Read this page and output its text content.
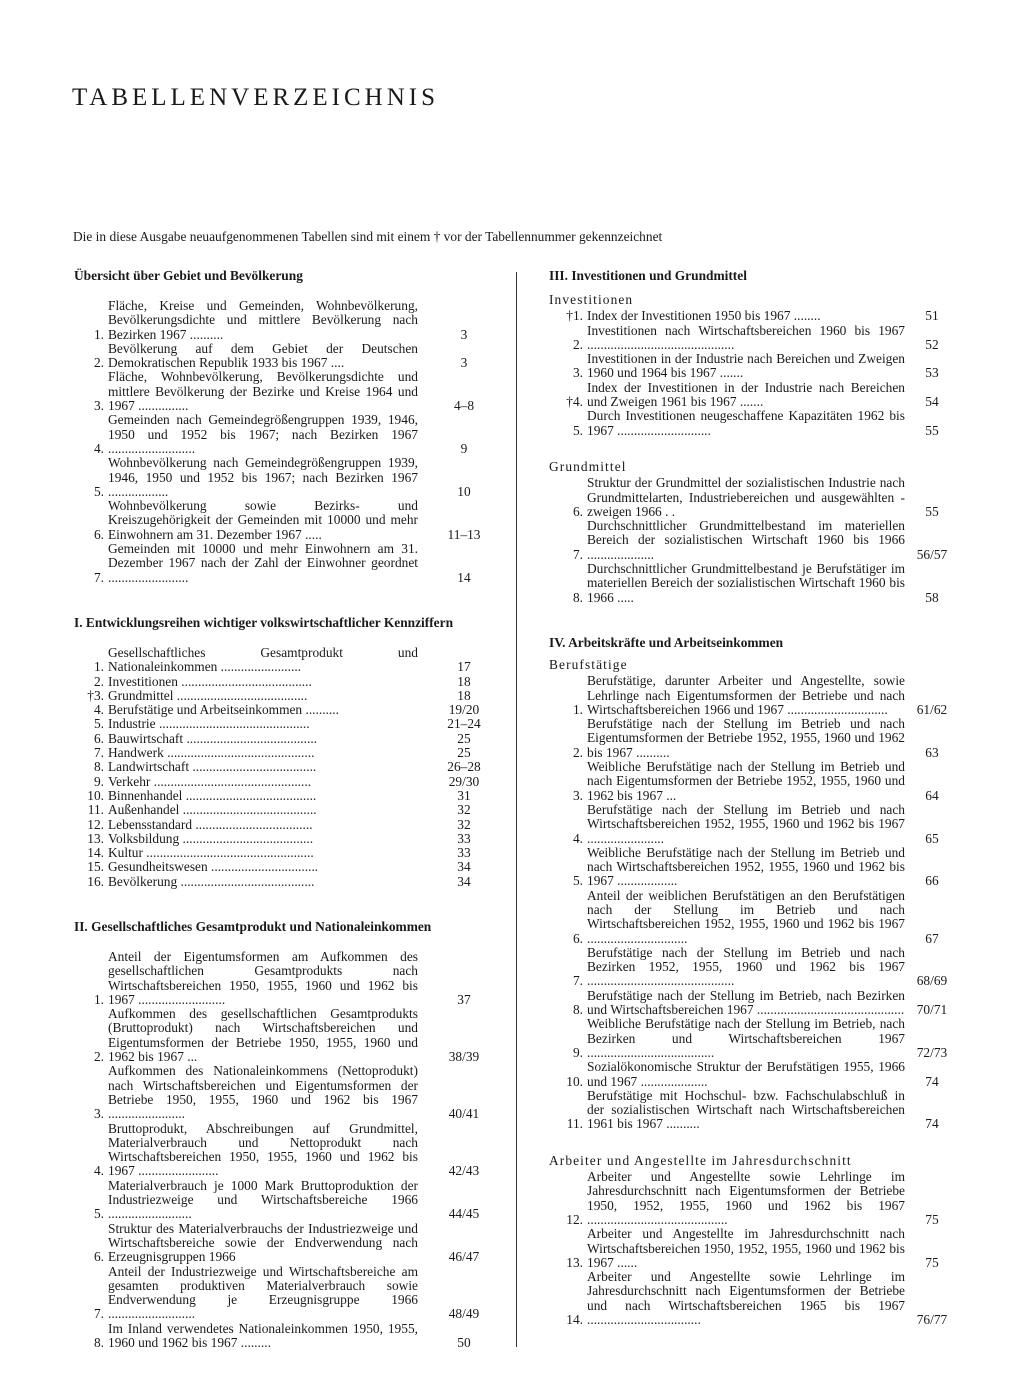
TABELLENVERZEICHNIS
Die in diese Ausgabe neuaufgenommenen Tabellen sind mit einem † vor der Tabellennummer gekennzeichnet
Übersicht über Gebiet und Bevölkerung
1.
Fläche, Kreise und Gemeinden, Wohnbevölkerung, Bevölkerungsdichte und mittlere Bevölkerung nach Bezirken 1967 ..........	3
2.
Bevölkerung auf dem Gebiet der Deutschen Demokratischen Republik 1933 bis 1967 ....	3
3.
Fläche, Wohnbevölkerung, Bevölkerungsdichte und mittlere Bevölkerung der Bezirke und Kreise 1964 und 1967 ...............	4–8
4.
Gemeinden nach Gemeindegrößengruppen 1939, 1946, 1950 und 1952 bis 1967; nach Bezirken 1967 ..........................	9
5.
Wohnbevölkerung nach Gemeindegrößengruppen 1939, 1946, 1950 und 1952 bis 1967; nach Bezirken 1967 ..................	10
6.
Wohnbevölkerung sowie Bezirks- und Kreiszugehörigkeit der Gemeinden mit 10000 und mehr Einwohnern am 31. Dezember 1967 .....	11–13
7.
Gemeinden mit 10000 und mehr Einwohnern am 31. Dezember 1967 nach der Zahl der Einwohner geordnet ........................	14
I. Entwicklungsreihen wichtiger volkswirtschaftlicher Kennziffern
1.
Gesellschaftliches Gesamtprodukt und Nationaleinkommen ........................	17
2. Investitionen .......................................	18
†3. Grundmittel .......................................	18
4. Berufstätige und Arbeitseinkommen ..........	19/20
5. Industrie .............................................	21–24
6. Bauwirtschaft .......................................	25
7. Handwerk ............................................	25
8. Landwirtschaft .....................................	26–28
9. Verkehr ...............................................	29/30
10. Binnenhandel .......................................	31
11. Außenhandel ........................................	32
12. Lebensstandard ...................................	32
13. Volksbildung .......................................	33
14. Kultur ..................................................	33
15. Gesundheitswesen ................................	34
16. Bevölkerung ........................................	34
II. Gesellschaftliches Gesamtprodukt und Nationaleinkommen
1.
Anteil der Eigentumsformen am Aufkommen des gesellschaftlichen Gesamtprodukts nach Wirtschaftsbereichen 1950, 1955, 1960 und 1962 bis 1967 ..........................	37
2.
Aufkommen des gesellschaftlichen Gesamtprodukts (Bruttoprodukt) nach Wirtschaftsbereichen und Eigentumsformen der Betriebe 1950, 1955, 1960 und 1962 bis 1967 ...	38/39
3.
Aufkommen des Nationaleinkommens (Nettoprodukt) nach Wirtschaftsbereichen und Eigentumsformen der Betriebe 1950, 1955, 1960 und 1962 bis 1967 .......................	40/41
4.
Bruttoprodukt, Abschreibungen auf Grundmittel, Materialverbrauch und Nettoprodukt nach Wirtschaftsbereichen 1950, 1955, 1960 und 1962 bis 1967 ........................	42/43
5.
Materialverbrauch je 1000 Mark Bruttoproduktion der Industriezweige und Wirtschaftsbereiche 1966 .........................	44/45
6.
Struktur des Materialverbrauchs der Industriezweige und Wirtschaftsbereiche sowie der Endverwendung nach Erzeugnisgruppen 1966	46/47
7.
Anteil der Industriezweige und Wirtschaftsbereiche am gesamten produktiven Materialverbrauch sowie Endverwendung je Erzeugnisgruppe 1966 ..........................	48/49
8.
Im Inland verwendetes Nationaleinkommen 1950, 1955, 1960 und 1962 bis 1967 .........	50
III. Investitionen und Grundmittel
Investitionen
†1. Index der Investitionen 1950 bis 1967 ........	51
2.
Investitionen nach Wirtschaftsbereichen 1960 bis 1967 ............................................	52
3.
Investitionen in der Industrie nach Bereichen und Zweigen 1960 und 1964 bis 1967 .......	53
†4.
Index der Investitionen in der Industrie nach Bereichen und Zweigen 1961 bis 1967 .......	54
5.
Durch Investitionen neugeschaffene Kapazitäten 1962 bis 1967 ............................	55
Grundmittel
6.
Struktur der Grundmittel der sozialistischen Industrie nach Grundmittelarten, Industriebereichen und ausgewählten -zweigen 1966 . .	55
7.
Durchschnittlicher Grundmittelbestand im materiellen Bereich der sozialistischen Wirtschaft 1960 bis 1966 ....................	56/57
8.
Durchschnittlicher Grundmittelbestand je Berufstätiger im materiellen Bereich der sozialistischen Wirtschaft 1960 bis 1966 .....	58
IV. Arbeitskräfte und Arbeitseinkommen
Berufstätige
1.
Berufstätige, darunter Arbeiter und Angestellte, sowie Lehrlinge nach Eigentumsformen der Betriebe und nach Wirtschaftsbereichen 1966 und 1967 ..............................	61/62
2.
Berufstätige nach der Stellung im Betrieb und nach Eigentumsformen der Betriebe 1952, 1955, 1960 und 1962 bis 1967 ..........	63
3.
Weibliche Berufstätige nach der Stellung im Betrieb und nach Eigentumsformen der Betriebe 1952, 1955, 1960 und 1962 bis 1967 ...	64
4.
Berufstätige nach der Stellung im Betrieb und nach Wirtschaftsbereichen 1952, 1955, 1960 und 1962 bis 1967 .......................	65
5.
Weibliche Berufstätige nach der Stellung im Betrieb und nach Wirtschaftsbereichen 1952, 1955, 1960 und 1962 bis 1967 ..................	66
6.
Anteil der weiblichen Berufstätigen an den Berufstätigen nach der Stellung im Betrieb und nach Wirtschaftsbereichen 1952, 1955, 1960 und 1962 bis 1967 ..............................	67
7.
Berufstätige nach der Stellung im Betrieb und nach Bezirken 1952, 1955, 1960 und 1962 bis 1967 ............................................	68/69
8.
Berufstätige nach der Stellung im Betrieb, nach Bezirken und Wirtschaftsbereichen 1967 ............................................ 70/71
9.
Weibliche Berufstätige nach der Stellung im Betrieb, nach Bezirken und Wirtschaftsbereichen 1967 ......................................	72/73
10.
Sozialökonomische Struktur der Berufstätigen 1955, 1966 und 1967 ....................	74
11.
Berufstätige mit Hochschul- bzw. Fachschulabschluß in der sozialistischen Wirtschaft nach Wirtschaftsbereichen 1961 bis 1967 ..........	74
Arbeiter und Angestellte im Jahresdurchschnitt
12.
Arbeiter und Angestellte sowie Lehrlinge im Jahresdurchschnitt nach Eigentumsformen der Betriebe 1950, 1952, 1955, 1960 und 1962 bis 1967 ..........................................	75
13.
Arbeiter und Angestellte im Jahresdurchschnitt nach Wirtschaftsbereichen 1950, 1952, 1955, 1960 und 1962 bis 1967 ......	75
14.
Arbeiter und Angestellte sowie Lehrlinge im Jahresdurchschnitt nach Eigentumsformen der Betriebe und nach Wirtschaftsbereichen 1965 bis 1967 ..................................	76/77
